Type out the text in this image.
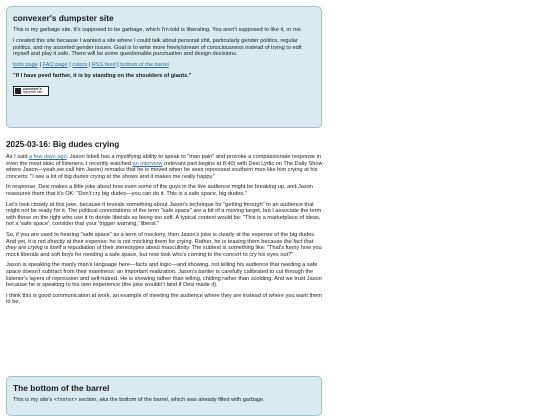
convexer's dumpster site

This is my garbage site. It's supposed to be garbage, which I'm told is liberating. You aren't supposed to like it, or me.

I created this site because I wanted a site where I could talk about personal shit, particularly gender politics, regular politics, and my assorted gender issues. Goal is to write more freely/stream of consciousness instead of trying to edit myself and play it safe. There will be some questionable punctuation and design decisions.

todo page | FAQ page | colors | RSS feed | bottom of the barrel
"If I have peed farther, it is by standing on the shoulders of giants."
convexer's
dumpster site
2025-03-16: Big dudes crying

As I said a few days ago, Jason Isbell has a mystifying ability to speak to "man pain" and provoke a compassionate response in even the most stoic of listeners. I recently watched an interview (relevant part begins at 8:40) with Desi Lydic on The Daily Show where Jason—yeah,we call him Jason) remarks that he is moved when he sees repressed southern men like him crying at his concerts: "I see a lot of big dudes crying at the shows and it makes me really happy."

In response, Desi makes a little joke about how even some of the guys in the live audience might be breaking up, and Jason reassures them that it's OK: "Don't cry big dudes—you can do it. This is a safe space, big dudes."

Let's look closely at this joke, because it reveals something about Jason's technique for "getting through" to an audience that might not be ready for it. The political connotations of the term "safe space" are a bit of a moving target, but I associate the term with those on the right who use it to deride liberals as being too soft. A typical context would be: "This is a marketplace of ideas, not a 'safe space'; consider that your 'trigger warning,' liberal."

So, if you are used to hearing "safe space" as a term of mockery, then Jason's joke is clearly at the expense of the big dudes. And yet, it is not directly at their expense: he is not mocking them for crying. Rather, he is teasing them because the fact that they are crying is itself a repudiation of their stereotypes about masculinity. The subtext is something like: "That's funny how you mock liberals and soft boys for needing a safe space, but now look who's coming to the concert to cry his eyes out?"

Jason is speaking the manly man's language here—facts and logic—and showing, not telling his audience that needing a safe space doesn't subtract from their manliness: an important realization. Jason's banter is carefully calibrated to cut through the listener's layers of repression and self-hatred. He is showing rather than telling, chiding rather than scolding. And we trust Jason because he is speaking to his own experience (the joke wouldn't land if Desi made it).

I think this is good communication at work, an example of meeting the audience where they are instead of where you want them to be.

The bottom of the barrel

This is my site's <footer> section, aka the bottom of the barrel, which was already filled with garbage.
